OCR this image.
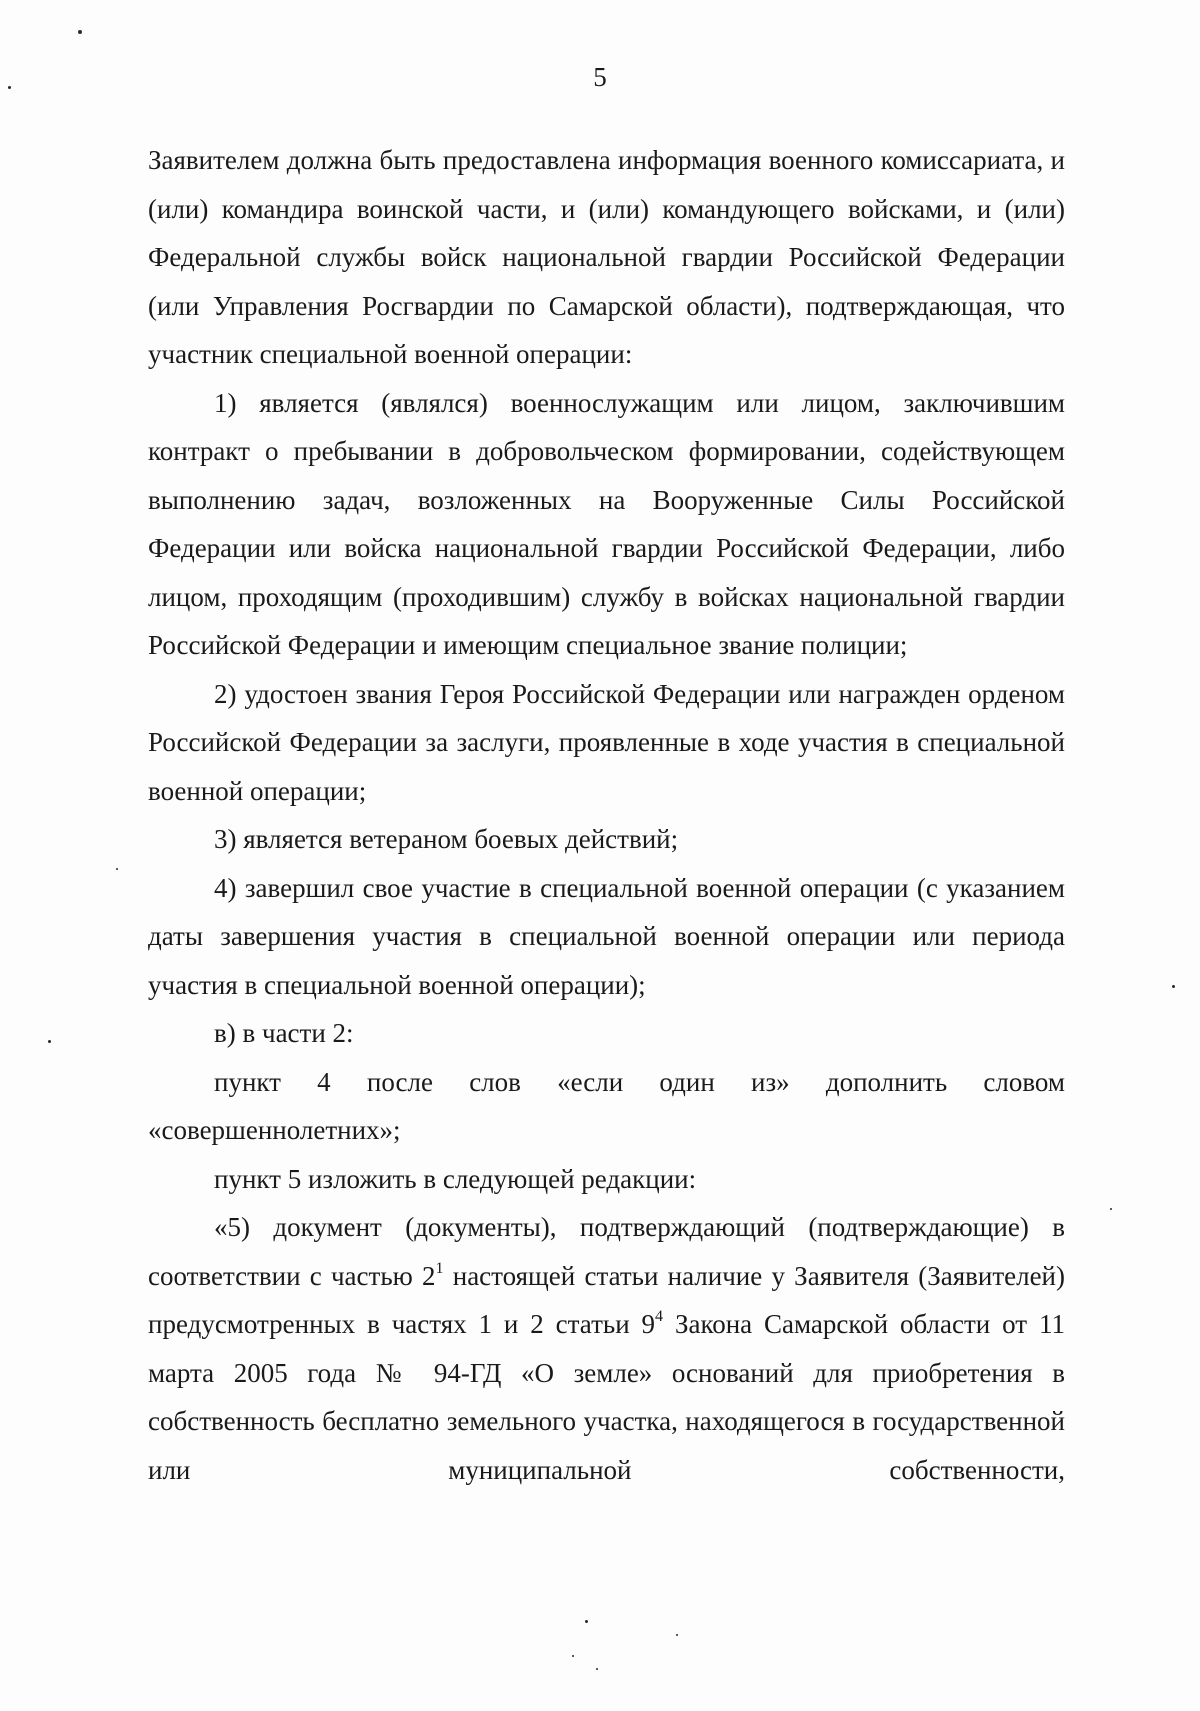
5

Заявителем должна быть предоставлена информация военного комиссариата, и (или) командира воинской части, и (или) командующего войсками, и (или) Федеральной службы войск национальной гвардии Российской Федерации (или Управления Росгвардии по Самарской области), подтверждающая, что участник специальной военной операции:

1) является (являлся) военнослужащим или лицом, заключившим контракт о пребывании в добровольческом формировании, содействующем выполнению задач, возложенных на Вооруженные Силы Российской Федерации или войска национальной гвардии Российской Федерации, либо лицом, проходящим (проходившим) службу в войсках национальной гвардии Российской Федерации и имеющим специальное звание полиции;

2) удостоен звания Героя Российской Федерации или награжден орденом Российской Федерации за заслуги, проявленные в ходе участия в специальной военной операции;

3) является ветераном боевых действий;

4) завершил свое участие в специальной военной операции (с указанием даты завершения участия в специальной военной операции или периода участия в специальной военной операции);

в) в части 2:

пункт 4 после слов «если один из» дополнить словом «совершеннолетних»;

пункт 5 изложить в следующей редакции:

«5) документ (документы), подтверждающий (подтверждающие) в соответствии с частью $2^1$ настоящей статьи наличие у Заявителя (Заявителей) предусмотренных в частях 1 и 2 статьи $9^4$ Закона Самарской области от 11 марта 2005 года № 94-ГД «О земле» оснований для приобретения в собственность бесплатно земельного участка, находящегося в государственной или муниципальной собственности,
